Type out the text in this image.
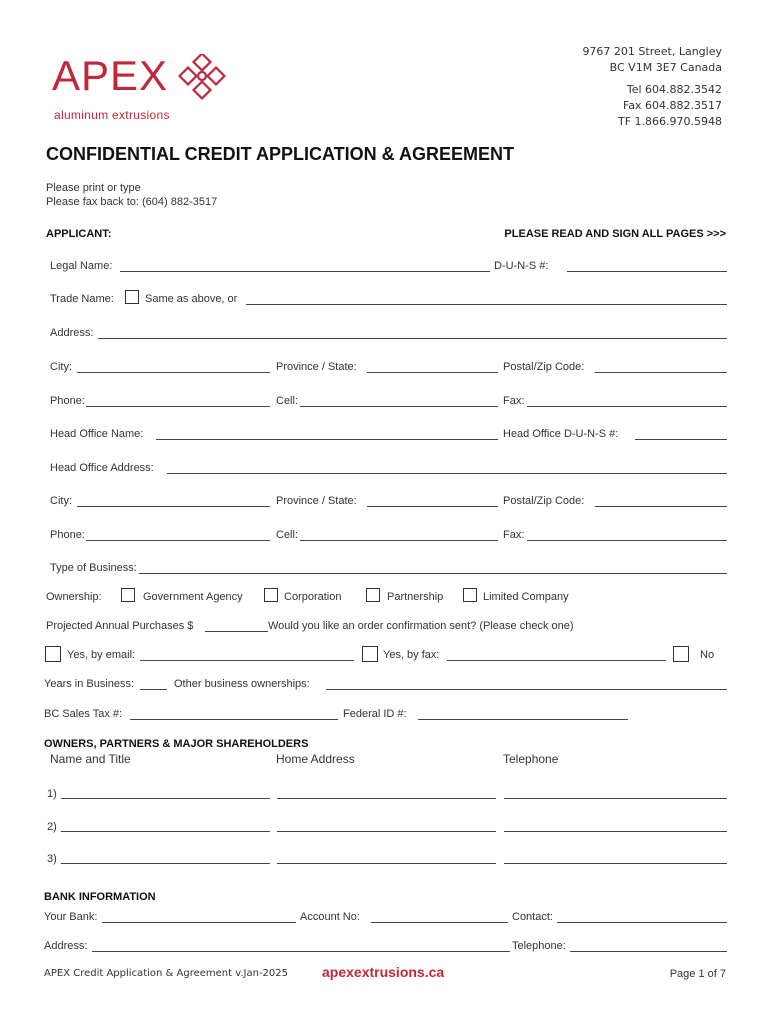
APEX
aluminum extrusions
9767 201 Street, Langley
BC V1M 3E7 Canada
Tel 604.882.3542
Fax 604.882.3517
TF 1.866.970.5948
CONFIDENTIAL CREDIT APPLICATION & AGREEMENT
Please print or type
Please fax back to: (604) 882-3517
APPLICANT:	PLEASE READ AND SIGN ALL PAGES >>>
Legal Name:	D-U-N-S #:
Trade Name:	Same as above, or
Address:
City:	Province / State:	Postal/Zip Code:
Phone:	Cell:	Fax:
Head Office Name:	Head Office D-U-N-S #:
Head Office Address:
City:	Province / State:	Postal/Zip Code:
Phone:	Cell:	Fax:
Type of Business:
Ownership:	Government Agency	Corporation	Partnership	Limited Company
Projected Annual Purchases $	Would you like an order confirmation sent? (Please check one)
Yes, by email:	Yes, by fax:	No
Years in Business:	Other business ownerships:
BC Sales Tax #:	Federal ID #:
OWNERS, PARTNERS & MAJOR SHAREHOLDERS
Name and Title	Home Address	Telephone
1)
2)
3)
BANK INFORMATION
Your Bank:	Account No:	Contact:
Address:	Telephone:
APEX Credit Application & Agreement v.Jan-2025 apexextrusions.ca	Page 1 of 7
